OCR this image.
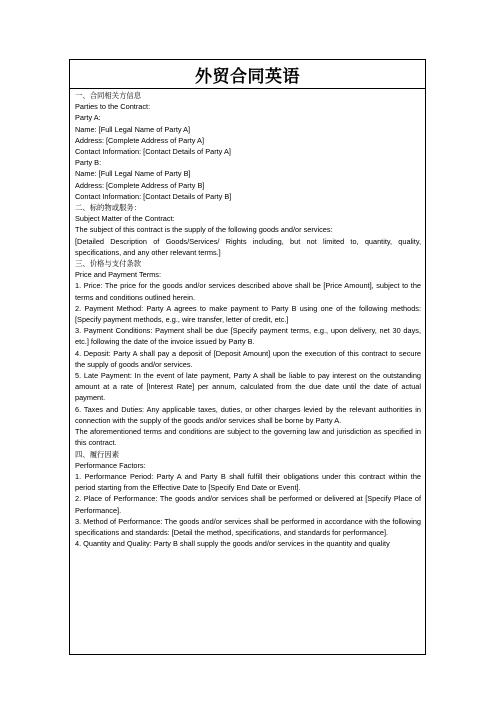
外贸合同英语
一、合同相关方信息
Parties to the Contract:
Party A:
Name: [Full Legal Name of Party A]
Address: [Complete Address of Party A]
Contact Information: [Contact Details of Party A]
Party B:
Name: [Full Legal Name of Party B]
Address: [Complete Address of Party B]
Contact Information: [Contact Details of Party B]
二、标的物或服务：
Subject Matter of the Contract:
The subject of this contract is the supply of the following goods and/or services:
[Detailed Description of Goods/Services/ Rights including, but not limited to, quantity, quality, specifications, and any other relevant terms.]
三、价格与支付条款
Price and Payment Terms:
1. Price: The price for the goods and/or services described above shall be [Price Amount], subject to the terms and conditions outlined herein.
2. Payment Method: Party A agrees to make payment to Party B using one of the following methods: [Specify payment methods, e.g., wire transfer, letter of credit, etc.]
3. Payment Conditions: Payment shall be due [Specify payment terms, e.g., upon delivery, net 30 days, etc.] following the date of the invoice issued by Party B.
4. Deposit: Party A shall pay a deposit of [Deposit Amount] upon the execution of this contract to secure the supply of goods and/or services.
5. Late Payment: In the event of late payment, Party A shall be liable to pay interest on the outstanding amount at a rate of [Interest Rate] per annum, calculated from the due date until the date of actual payment.
6. Taxes and Duties: Any applicable taxes, duties, or other charges levied by the relevant authorities in connection with the supply of the goods and/or services shall be borne by Party A.
The aforementioned terms and conditions are subject to the governing law and jurisdiction as specified in this contract.
四、履行因素
Performance Factors:
1. Performance Period: Party A and Party B shall fulfill their obligations under this contract within the period starting from the Effective Date to [Specify End Date or Event].
2. Place of Performance: The goods and/or services shall be performed or delivered at [Specify Place of Performance].
3. Method of Performance: The goods and/or services shall be performed in accordance with the following specifications and standards: [Detail the method, specifications, and standards for performance].
4. Quantity and Quality: Party B shall supply the goods and/or services in the quantity and quality
